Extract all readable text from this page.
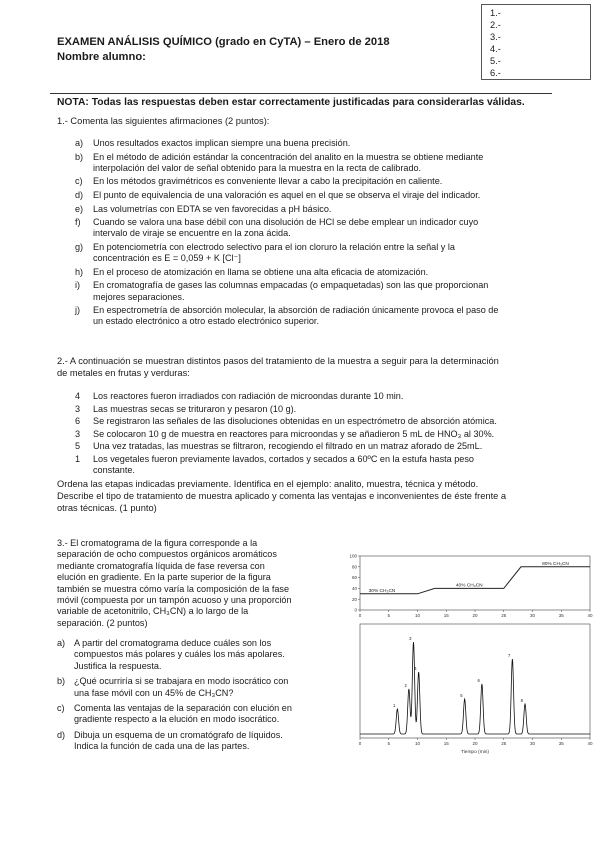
EXAMEN ANÁLISIS QUÍMICO (grado en CyTA) – Enero de 2018
Nombre alumno:
1.-
2.-
3.-
4.-
5.-
6.-
NOTA: Todas las respuestas deben estar correctamente justificadas para considerarlas válidas.
1.- Comenta las siguientes afirmaciones (2 puntos):
a) Unos resultados exactos implican siempre una buena precisión.
b) En el método de adición estándar la concentración del analito en la muestra se obtiene mediante
interpolación del valor de señal obtenido para la muestra en la recta de calibrado.
c) En los métodos gravimétricos es conveniente llevar a cabo la precipitación en caliente.
d) El punto de equivalencia de una valoración es aquel en el que se observa el viraje del indicador.
e) Las volumetrías con EDTA se ven favorecidas a pH básico.
f) Cuando se valora una base débil con una disolución de HCl se debe emplear un indicador cuyo
intervalo de viraje se encuentre en la zona ácida.
g) En potenciometría con electrodo selectivo para el ion cloruro la relación entre la señal y la
concentración es E = 0,059 + K [Cl⁻]
h) En el proceso de atomización en llama se obtiene una alta eficacia de atomización.
i) En cromatografía de gases las columnas empacadas (o empaquetadas) son las que proporcionan
mejores separaciones.
j) En espectrometría de absorción molecular, la absorción de radiación únicamente provoca el paso de
un estado electrónico a otro estado electrónico superior.
2.- A continuación se muestran distintos pasos del tratamiento de la muestra a seguir para la determinación
de metales en frutas y verduras:
4 Los reactores fueron irradiados con radiación de microondas durante 10 min.
3 Las muestras secas se trituraron y pesaron (10 g).
6 Se registraron las señales de las disoluciones obtenidas en un espectrómetro de absorción atómica.
3 Se colocaron 10 g de muestra en reactores para microondas y se añadieron 5 mL de HNO₃ al 30%.
5 Una vez tratadas, las muestras se filtraron, recogiendo el filtrado en un matraz aforado de 25mL.
1 Los vegetales fueron previamente lavados, cortados y secados a 60ºC en la estufa hasta peso
constante.
Ordena las etapas indicadas previamente. Identifica en el ejemplo: analito, muestra, técnica y método.
Describe el tipo de tratamiento de muestra aplicado y comenta las ventajas e inconvenientes de éste frente a
otras técnicas. (1 punto)
3.- El cromatograma de la figura corresponde a la
separación de ocho compuestos orgánicos aromáticos
mediante cromatografía líquida de fase reversa con
elución en gradiente. En la parte superior de la figura
también se muestra cómo varía la composición de la fase
móvil (compuesta por un tampón acuoso y una proporción
variable de acetonitrilo, CH₃CN) a lo largo de la
separación. (2 puntos)
a) A partir del cromatograma deduce cuáles son los
compuestos más polares y cuáles los más apolares.
Justifica la respuesta.
b) ¿Qué ocurriría si se trabajara en modo isocrático con
una fase móvil con un 45% de CH₃CN?
c) Comenta las ventajas de la separación con elución en
gradiente respecto a la elución en modo isocrático.
d) Dibuja un esquema de un cromatógrafo de líquidos.
Indica la función de cada una de las partes.
100
80
60
40
20
0
0	5	10	15	20	25	30	35	40
30% CH₃CN
40% CH₃CN
80% CH₃CN
0	5	10	15	20	25	30	35	40
Tiempo (min)
1
2
3
4
5
6
7
8
